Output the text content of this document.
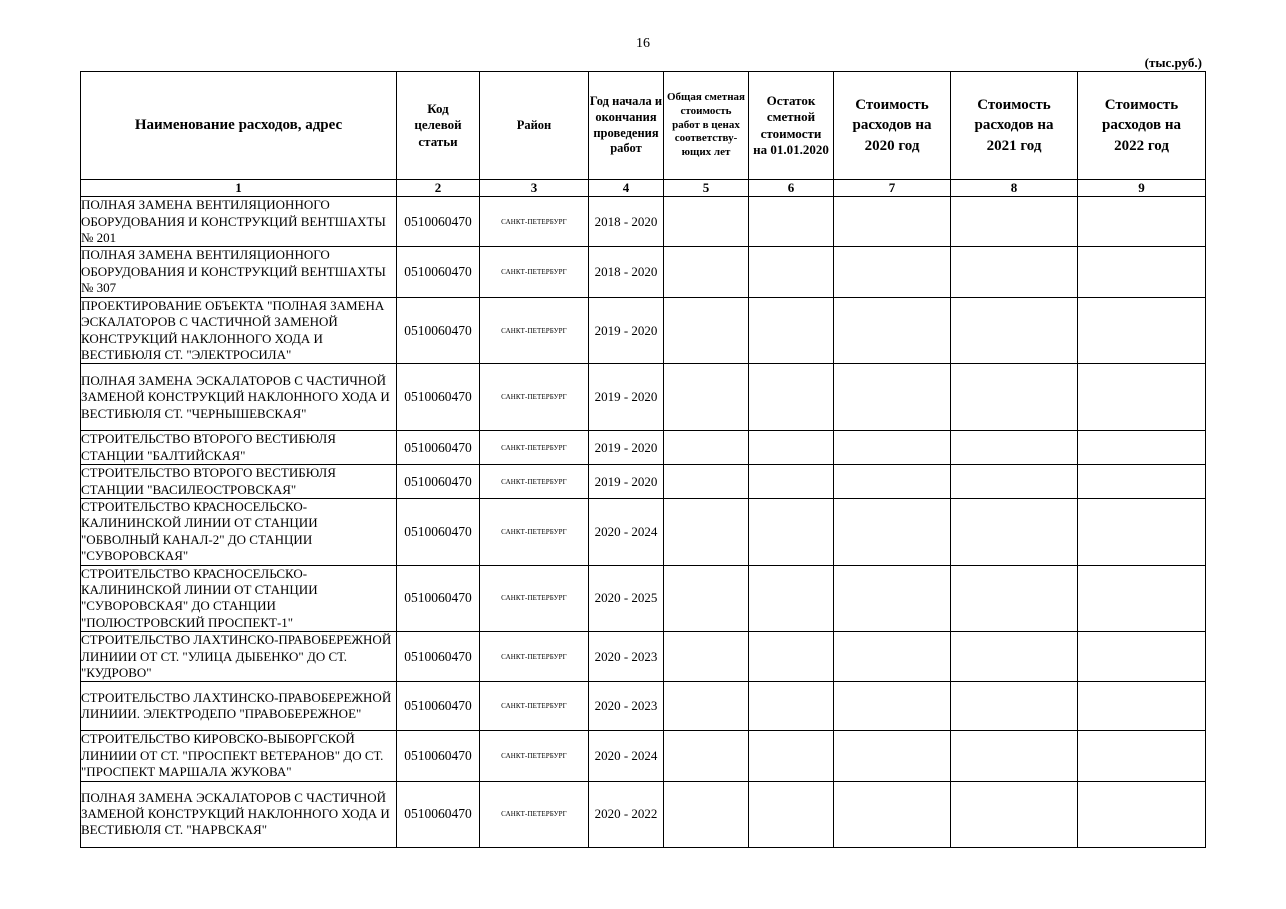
16
(тыс.руб.)
Наименование расходов, адрес	Код целевой статьи	Район	Год начала и окончания проведения работ	Общая сметная стоимость работ в ценах соответству-ющих лет	Остаток сметной стоимости на 01.01.2020	Стоимость расходов на 2020 год	Стоимость расходов на 2021 год	Стоимость расходов на 2022 год
1	2	3	4	5	6	7	8	9
ПОЛНАЯ ЗАМЕНА ВЕНТИЛЯЦИОННОГО ОБОРУДОВАНИЯ И КОНСТРУКЦИЙ ВЕНТШАХТЫ № 201	0510060470	САНКТ-ПЕТЕРБУРГ	2018 - 2020					
ПОЛНАЯ ЗАМЕНА ВЕНТИЛЯЦИОННОГО ОБОРУДОВАНИЯ И КОНСТРУКЦИЙ ВЕНТШАХТЫ № 307	0510060470	САНКТ-ПЕТЕРБУРГ	2018 - 2020					
ПРОЕКТИРОВАНИЕ ОБЪЕКТА "ПОЛНАЯ ЗАМЕНА ЭСКАЛАТОРОВ С ЧАСТИЧНОЙ ЗАМЕНОЙ КОНСТРУКЦИЙ НАКЛОННОГО ХОДА И ВЕСТИБЮЛЯ СТ. "ЭЛЕКТРОСИЛА"	0510060470	САНКТ-ПЕТЕРБУРГ	2019 - 2020					
ПОЛНАЯ ЗАМЕНА ЭСКАЛАТОРОВ С ЧАСТИЧНОЙ ЗАМЕНОЙ КОНСТРУКЦИЙ НАКЛОННОГО ХОДА И ВЕСТИБЮЛЯ СТ. "ЧЕРНЫШЕВСКАЯ"	0510060470	САНКТ-ПЕТЕРБУРГ	2019 - 2020					
СТРОИТЕЛЬСТВО ВТОРОГО ВЕСТИБЮЛЯ СТАНЦИИ "БАЛТИЙСКАЯ"	0510060470	САНКТ-ПЕТЕРБУРГ	2019 - 2020					
СТРОИТЕЛЬСТВО ВТОРОГО ВЕСТИБЮЛЯ СТАНЦИИ "ВАСИЛЕОСТРОВСКАЯ"	0510060470	САНКТ-ПЕТЕРБУРГ	2019 - 2020					
СТРОИТЕЛЬСТВО КРАСНОСЕЛЬСКО-КАЛИНИНСКОЙ ЛИНИИ ОТ СТАНЦИИ "ОБВОЛНЫЙ КАНАЛ-2" ДО СТАНЦИИ "СУВОРОВСКАЯ"	0510060470	САНКТ-ПЕТЕРБУРГ	2020 - 2024					
СТРОИТЕЛЬСТВО КРАСНОСЕЛЬСКО-КАЛИНИНСКОЙ ЛИНИИ ОТ СТАНЦИИ "СУВОРОВСКАЯ" ДО СТАНЦИИ "ПОЛЮСТРОВСКИЙ ПРОСПЕКТ-1"	0510060470	САНКТ-ПЕТЕРБУРГ	2020 - 2025					
СТРОИТЕЛЬСТВО ЛАХТИНСКО-ПРАВОБЕРЕЖНОЙ ЛИНИИИ ОТ СТ. "УЛИЦА ДЫБЕНКО" ДО СТ. "КУДРОВО"	0510060470	САНКТ-ПЕТЕРБУРГ	2020 - 2023					
СТРОИТЕЛЬСТВО ЛАХТИНСКО-ПРАВОБЕРЕЖНОЙ ЛИНИИИ. ЭЛЕКТРОДЕПО "ПРАВОБЕРЕЖНОЕ"	0510060470	САНКТ-ПЕТЕРБУРГ	2020 - 2023					
СТРОИТЕЛЬСТВО КИРОВСКО-ВЫБОРГСКОЙ ЛИНИИИ ОТ СТ. "ПРОСПЕКТ ВЕТЕРАНОВ" ДО СТ. "ПРОСПЕКТ МАРШАЛА ЖУКОВА"	0510060470	САНКТ-ПЕТЕРБУРГ	2020 - 2024					
ПОЛНАЯ ЗАМЕНА ЭСКАЛАТОРОВ С ЧАСТИЧНОЙ ЗАМЕНОЙ КОНСТРУКЦИЙ НАКЛОННОГО ХОДА И ВЕСТИБЮЛЯ СТ. "НАРВСКАЯ"	0510060470	САНКТ-ПЕТЕРБУРГ	2020 - 2022					
